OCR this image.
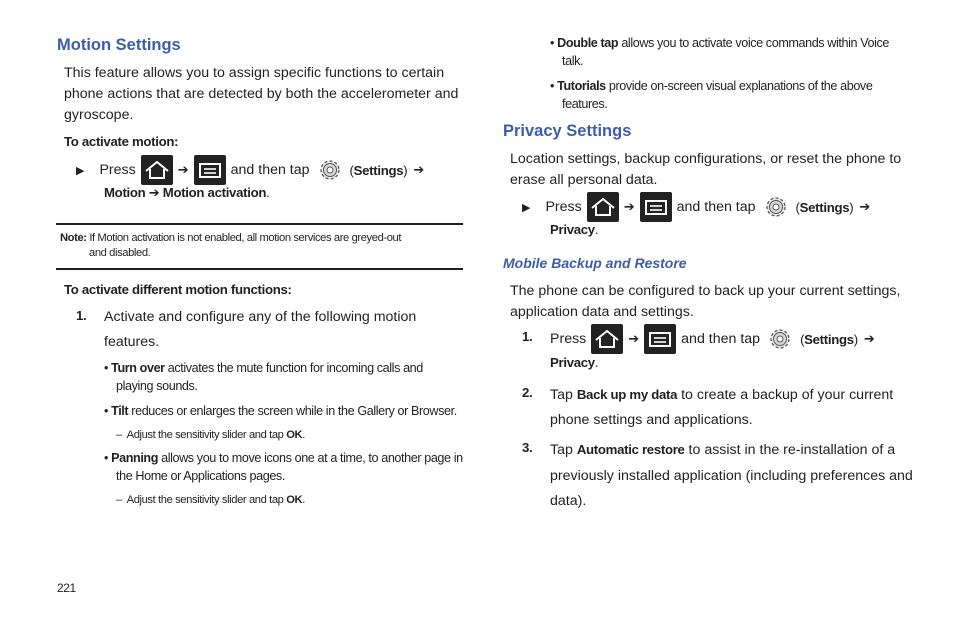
Motion Settings
This feature allows you to assign specific functions to certain
phone actions that are detected by both the accelerometer and
gyroscope.
To activate motion:
▶ Press	➔	and then tap	(Settings) ➔
Motion ➔ Motion activation.
Note: If Motion activation is not enabled, all motion services are greyed-out
and disabled.
To activate different motion functions:
1. Activate and configure any of the following motion
features.
• Turn over activates the mute function for incoming calls and
playing sounds.
• Tilt reduces or enlarges the screen while in the Gallery or Browser.
– Adjust the sensitivity slider and tap OK.
• Panning allows you to move icons one at a time, to another page in
the Home or Applications pages.
– Adjust the sensitivity slider and tap OK.
221
• Double tap allows you to activate voice commands within Voice
talk.
• Tutorials provide on-screen visual explanations of the above
features.
Privacy Settings
Location settings, backup configurations, or reset the phone to
erase all personal data.
▶ Press	➔	and then tap	(Settings) ➔
Privacy.
Mobile Backup and Restore
The phone can be configured to back up your current settings,
application data and settings.
1. Press	➔	and then tap	(Settings) ➔
Privacy.
2. Tap Back up my data to create a backup of your current
phone settings and applications.
3. Tap Automatic restore to assist in the re-installation of a
previously installed application (including preferences and
data).
